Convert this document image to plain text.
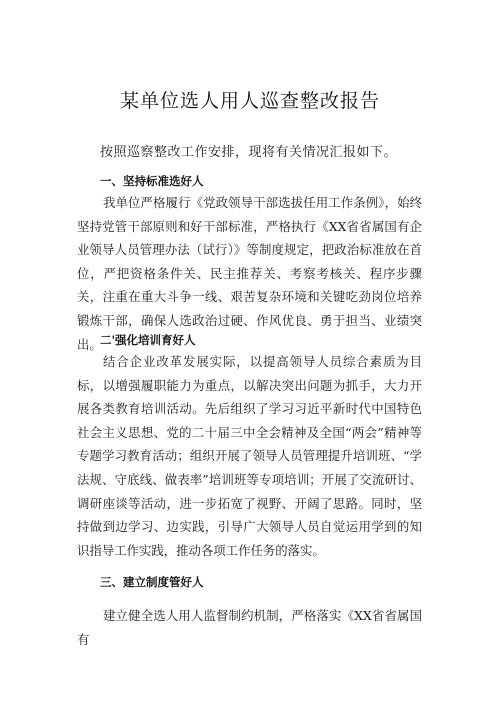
某单位选人用人巡查整改报告
按照巡察整改工作安排，现将有关情况汇报如下。
一、坚持标准选好人

我单位严格履行《党政领导干部选拔任用工作条例》，始终坚持党管干部原则和好干部标准，严格执行《XX省省属国有企业领导人员管理办法（试行）》等制度规定，把政治标准放在首位，严把资格条件关、民主推荐关、考察考核关、程序步骤关，注重在重大斗争一线、艰苦复杂环境和关键吃劲岗位培养锻炼干部，确保人选政治过硬、作风优良、勇于担当、业绩突出。

二'强化培训育好人

结合企业改革发展实际，以提高领导人员综合素质为目标，以增强履职能力为重点，以解决突出问题为抓手，大力开展各类教育培训活动。先后组织了学习习近平新时代中国特色社会主义思想、党的二十届三中全会精神及全国“两会”精神等专题学习教育活动；组织开展了领导人员管理提升培训班、“学法规、守底线、做表率”培训班等专项培训；开展了交流研讨、调研座谈等活动，进一步拓宽了视野、开阔了思路。同时，坚持做到边学习、边实践，引导广大领导人员自觉运用学到的知识指导工作实践，推动各项工作任务的落实。

三、建立制度管好人

建立健全选人用人监督制约机制，严格落实《XX省省属国有
